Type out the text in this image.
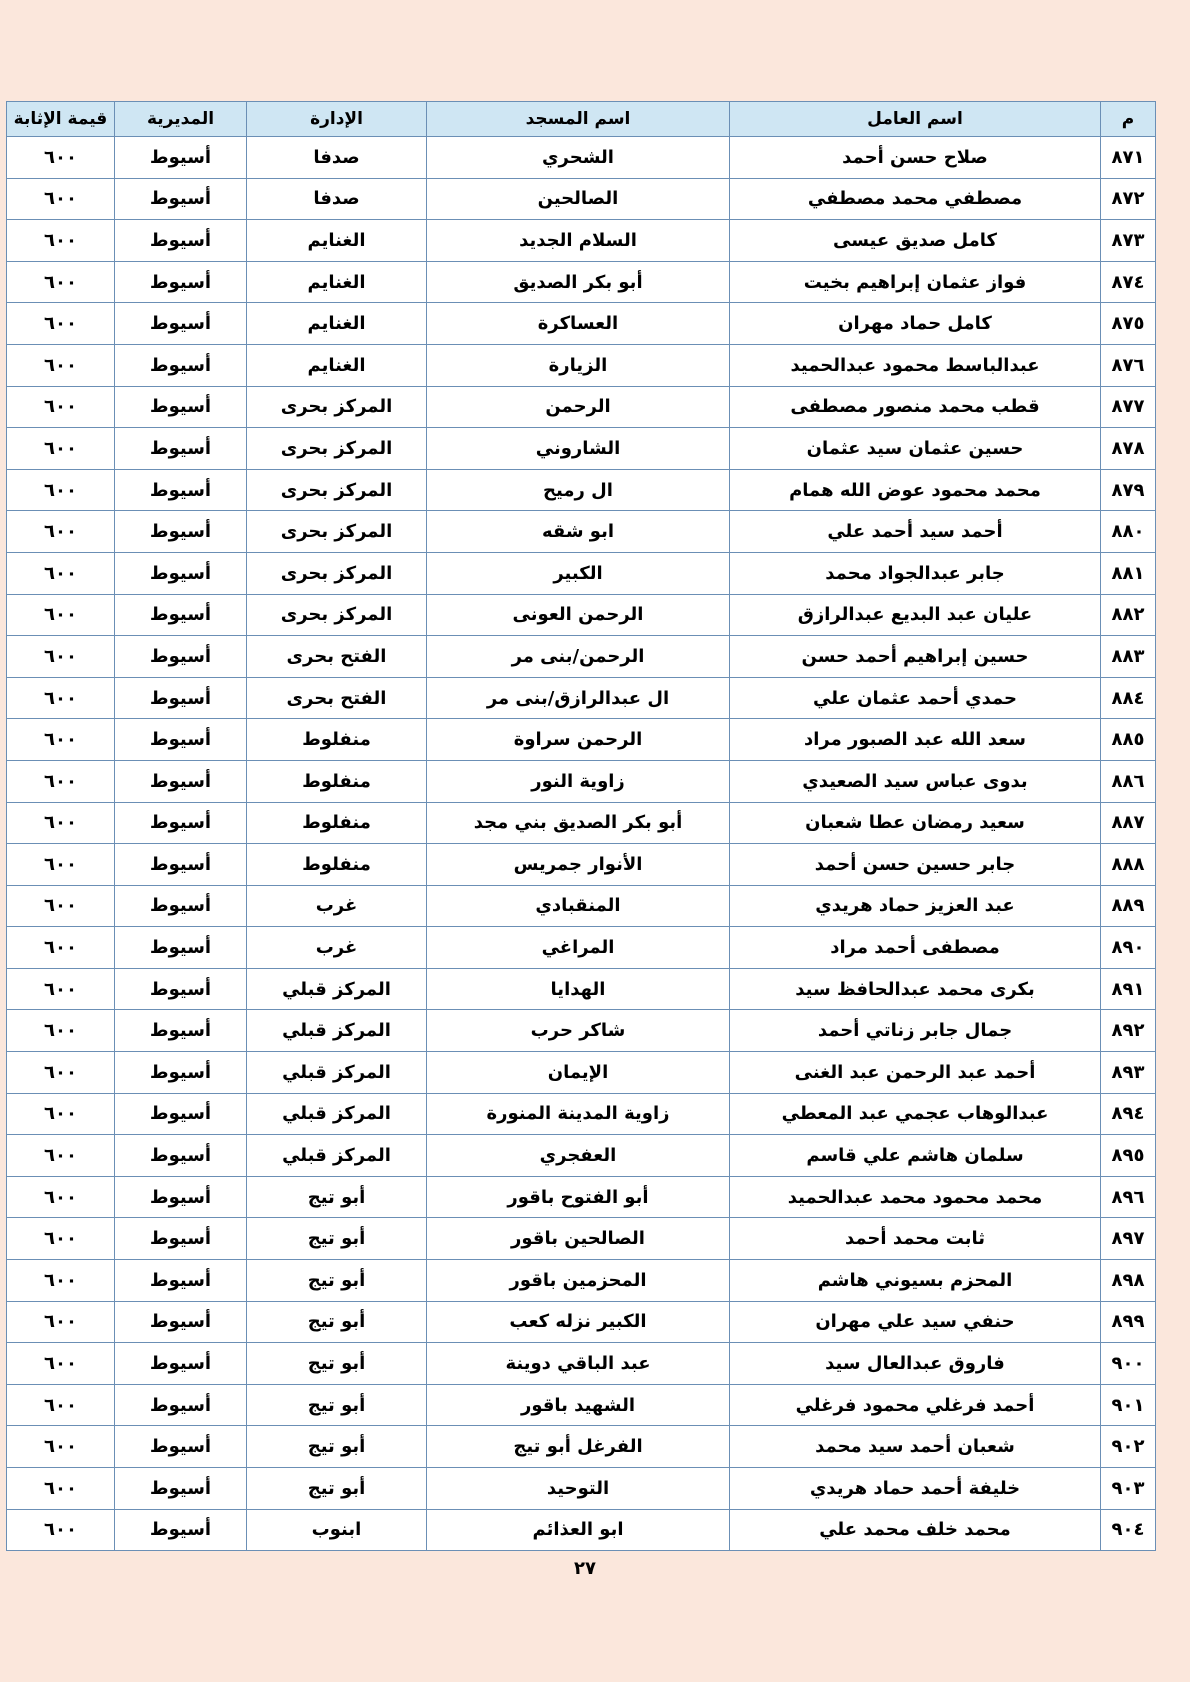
م	اسم العامل	اسم المسجد	الإدارة	المديرية	قيمة الإثابة
٨٧١	صلاح حسن أحمد	الشحري	صدفا	أسيوط	٦٠٠
٨٧٢	مصطفي محمد مصطفي	الصالحين	صدفا	أسيوط	٦٠٠
٨٧٣	كامل صديق عيسى	السلام الجديد	الغنايم	أسيوط	٦٠٠
٨٧٤	فواز عثمان إبراهيم بخيت	أبو بكر الصديق	الغنايم	أسيوط	٦٠٠
٨٧٥	كامل حماد مهران	العساكرة	الغنايم	أسيوط	٦٠٠
٨٧٦	عبدالباسط محمود عبدالحميد	الزيارة	الغنايم	أسيوط	٦٠٠
٨٧٧	قطب محمد منصور مصطفى	الرحمن	المركز بحرى	أسيوط	٦٠٠
٨٧٨	حسين عثمان سيد عثمان	الشاروني	المركز بحرى	أسيوط	٦٠٠
٨٧٩	محمد محمود عوض الله همام	ال رميح	المركز بحرى	أسيوط	٦٠٠
٨٨٠	أحمد سيد أحمد علي	ابو شقه	المركز بحرى	أسيوط	٦٠٠
٨٨١	جابر عبدالجواد محمد	الكبير	المركز بحرى	أسيوط	٦٠٠
٨٨٢	عليان عبد البديع عبدالرازق	الرحمن العونى	المركز بحرى	أسيوط	٦٠٠
٨٨٣	حسين إبراهيم أحمد حسن	الرحمن/بنى مر	الفتح بحرى	أسيوط	٦٠٠
٨٨٤	حمدي أحمد عثمان علي	ال عبدالرازق/بنى مر	الفتح بحرى	أسيوط	٦٠٠
٨٨٥	سعد الله عبد الصبور مراد	الرحمن سراوة	منفلوط	أسيوط	٦٠٠
٨٨٦	بدوى عباس سيد الصعيدي	زاوية النور	منفلوط	أسيوط	٦٠٠
٨٨٧	سعيد رمضان عطا شعبان	أبو بكر الصديق بني مجد	منفلوط	أسيوط	٦٠٠
٨٨٨	جابر حسين حسن أحمد	الأنوار جمريس	منفلوط	أسيوط	٦٠٠
٨٨٩	عبد العزيز حماد هريدي	المنقبادي	غرب	أسيوط	٦٠٠
٨٩٠	مصطفى أحمد مراد	المراغي	غرب	أسيوط	٦٠٠
٨٩١	بكرى محمد عبدالحافظ سيد	الهدايا	المركز قبلي	أسيوط	٦٠٠
٨٩٢	جمال جابر زناتي أحمد	شاكر حرب	المركز قبلي	أسيوط	٦٠٠
٨٩٣	أحمد عبد الرحمن عبد الغنى	الإيمان	المركز قبلي	أسيوط	٦٠٠
٨٩٤	عبدالوهاب عجمي عبد المعطي	زاوية المدينة المنورة	المركز قبلي	أسيوط	٦٠٠
٨٩٥	سلمان هاشم علي قاسم	العفجري	المركز قبلي	أسيوط	٦٠٠
٨٩٦	محمد محمود محمد عبدالحميد	أبو الفتوح باقور	أبو تيج	أسيوط	٦٠٠
٨٩٧	ثابت محمد أحمد	الصالحين باقور	أبو تيج	أسيوط	٦٠٠
٨٩٨	المحزم بسيوني هاشم	المحزمين باقور	أبو تيج	أسيوط	٦٠٠
٨٩٩	حنفي سيد علي مهران	الكبير نزله كعب	أبو تيج	أسيوط	٦٠٠
٩٠٠	فاروق عبدالعال سيد	عبد الباقي دوينة	أبو تيج	أسيوط	٦٠٠
٩٠١	أحمد فرغلي محمود فرغلي	الشهيد باقور	أبو تيج	أسيوط	٦٠٠
٩٠٢	شعبان أحمد سيد محمد	الفرغل أبو تيج	أبو تيج	أسيوط	٦٠٠
٩٠٣	خليفة أحمد حماد هريدي	التوحيد	أبو تيج	أسيوط	٦٠٠
٩٠٤	محمد خلف محمد علي	ابو العذائم	ابنوب	أسيوط	٦٠٠
٢٧
